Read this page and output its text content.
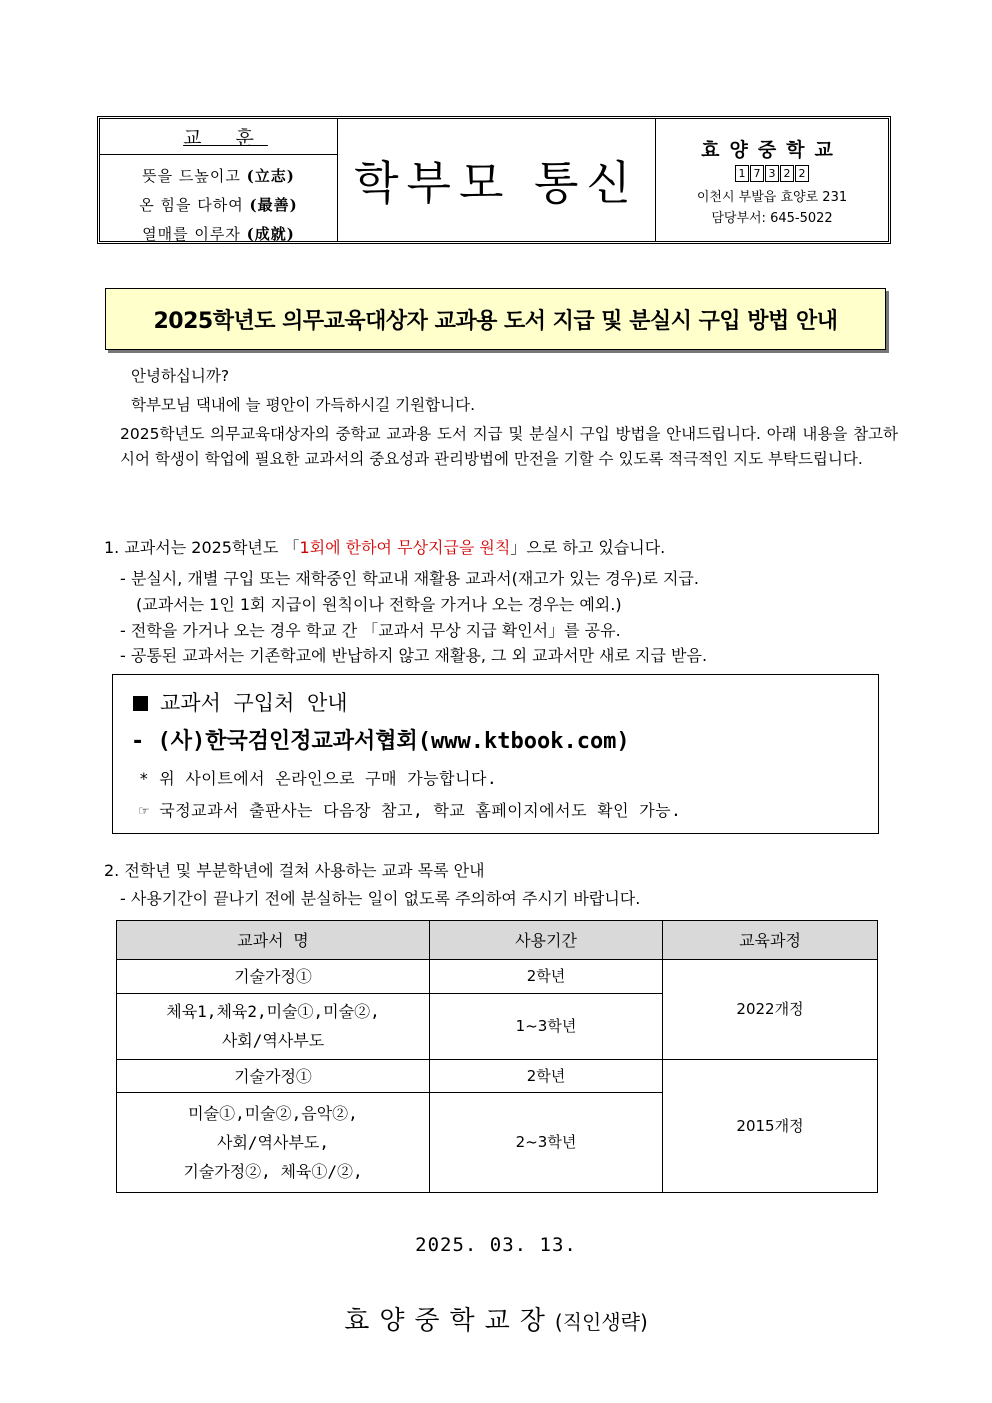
교 훈
뜻을 드높이고 (立志)
온 힘을 다하여 (最善)
열매를 이루자 (成就)
학부모 통신
효양중학교
1 7 3 2 2
이천시 부발읍 효양로 231
담당부서: 645-5022
2025학년도 의무교육대상자 교과용 도서 지급 및 분실시 구입 방법 안내
안녕하십니까?
학부모님 댁내에 늘 평안이 가득하시길 기원합니다.
2025학년도 의무교육대상자의 중학교 교과용 도서 지급 및 분실시 구입 방법을 안내드립니다. 아래 내용을 참고하시어 학생이 학업에 필요한 교과서의 중요성과 관리방법에 만전을 기할 수 있도록 적극적인 지도 부탁드립니다.
1. 교과서는 2025학년도 「1회에 한하여 무상지급을 원칙」으로 하고 있습니다.
- 분실시, 개별 구입 또는 재학중인 학교내 재활용 교과서(재고가 있는 경우)로 지급.
(교과서는 1인 1회 지급이 원칙이나 전학을 가거나 오는 경우는 예외.)
- 전학을 가거나 오는 경우 학교 간 「교과서 무상 지급 확인서」를 공유.
- 공통된 교과서는 기존학교에 반납하지 않고 재활용, 그 외 교과서만 새로 지급 받음.
교과서 구입처 안내
- (사)한국검인정교과서협회(www.ktbook.com)
* 위 사이트에서 온라인으로 구매 가능합니다.
☞ 국정교과서 출판사는 다음장 참고, 학교 홈페이지에서도 확인 가능.
2. 전학년 및 부분학년에 걸쳐 사용하는 교과 목록 안내
- 사용기간이 끝나기 전에 분실하는 일이 없도록 주의하여 주시기 바랍니다.
교과서 명	사용기간	교육과정
기술가정①	2학년	2022개정

체육1,체육2,미술①,미술②,
사회/역사부도	1~3학년	
기술가정①	2학년	2015개정

미술①,미술②,음악②,
사회/역사부도,
기술가정②, 체육①/②,	2~3학년	
2025. 03. 13.
효양중학교장(직인생략)
